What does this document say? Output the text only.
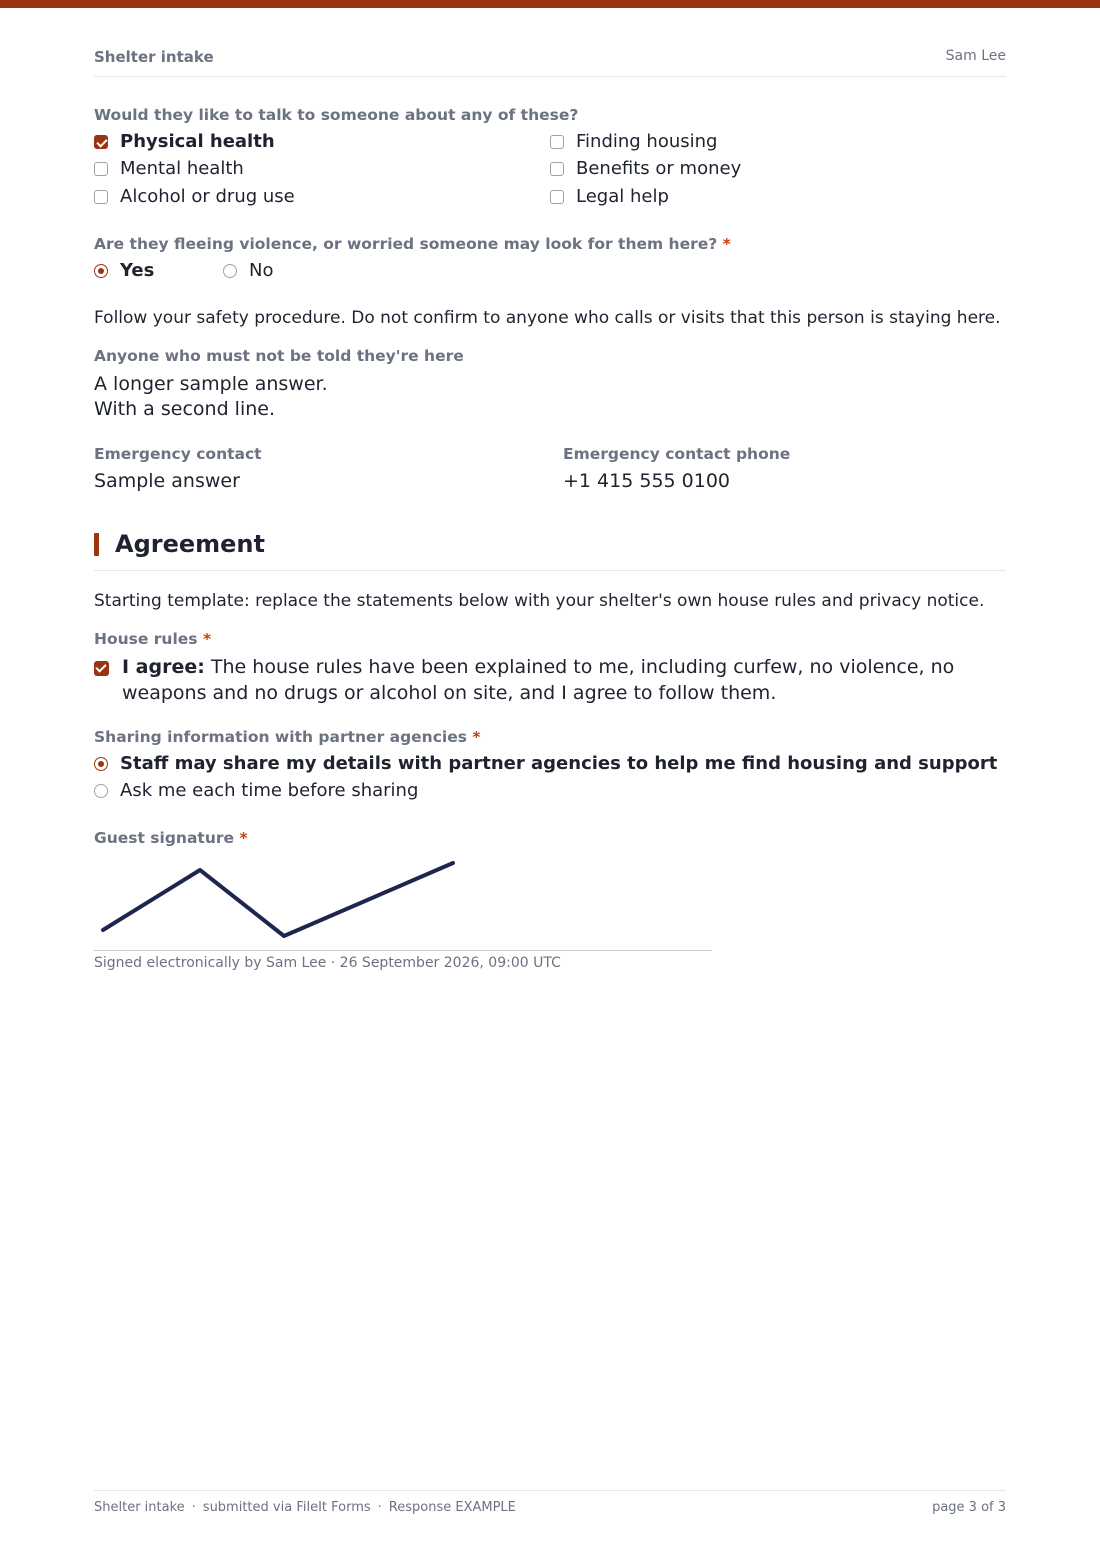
Shelter intake	Sam Lee
Would they like to talk to someone about any of these?
Physical health
Mental health
Alcohol or drug use
Finding housing
Benefits or money
Legal help
Are they fleeing violence, or worried someone may look for them here? *
Yes	No
Follow your safety procedure. Do not confirm to anyone who calls or visits that this person is staying here.
Anyone who must not be told they're here
A longer sample answer.
With a second line.
Emergency contact
Sample answer
Emergency contact phone
+1 415 555 0100
Agreement
Starting template: replace the statements below with your shelter's own house rules and privacy notice.
House rules *
I agree: The house rules have been explained to me, including curfew, no violence, no weapons and no drugs or alcohol on site, and I agree to follow them.
Sharing information with partner agencies *
Staff may share my details with partner agencies to help me find housing and support
Ask me each time before sharing
Guest signature *
Signed electronically by Sam Lee · 26 September 2026, 09:00 UTC
Shelter intake · submitted via FileIt Forms · Response EXAMPLE	page 3 of 3
